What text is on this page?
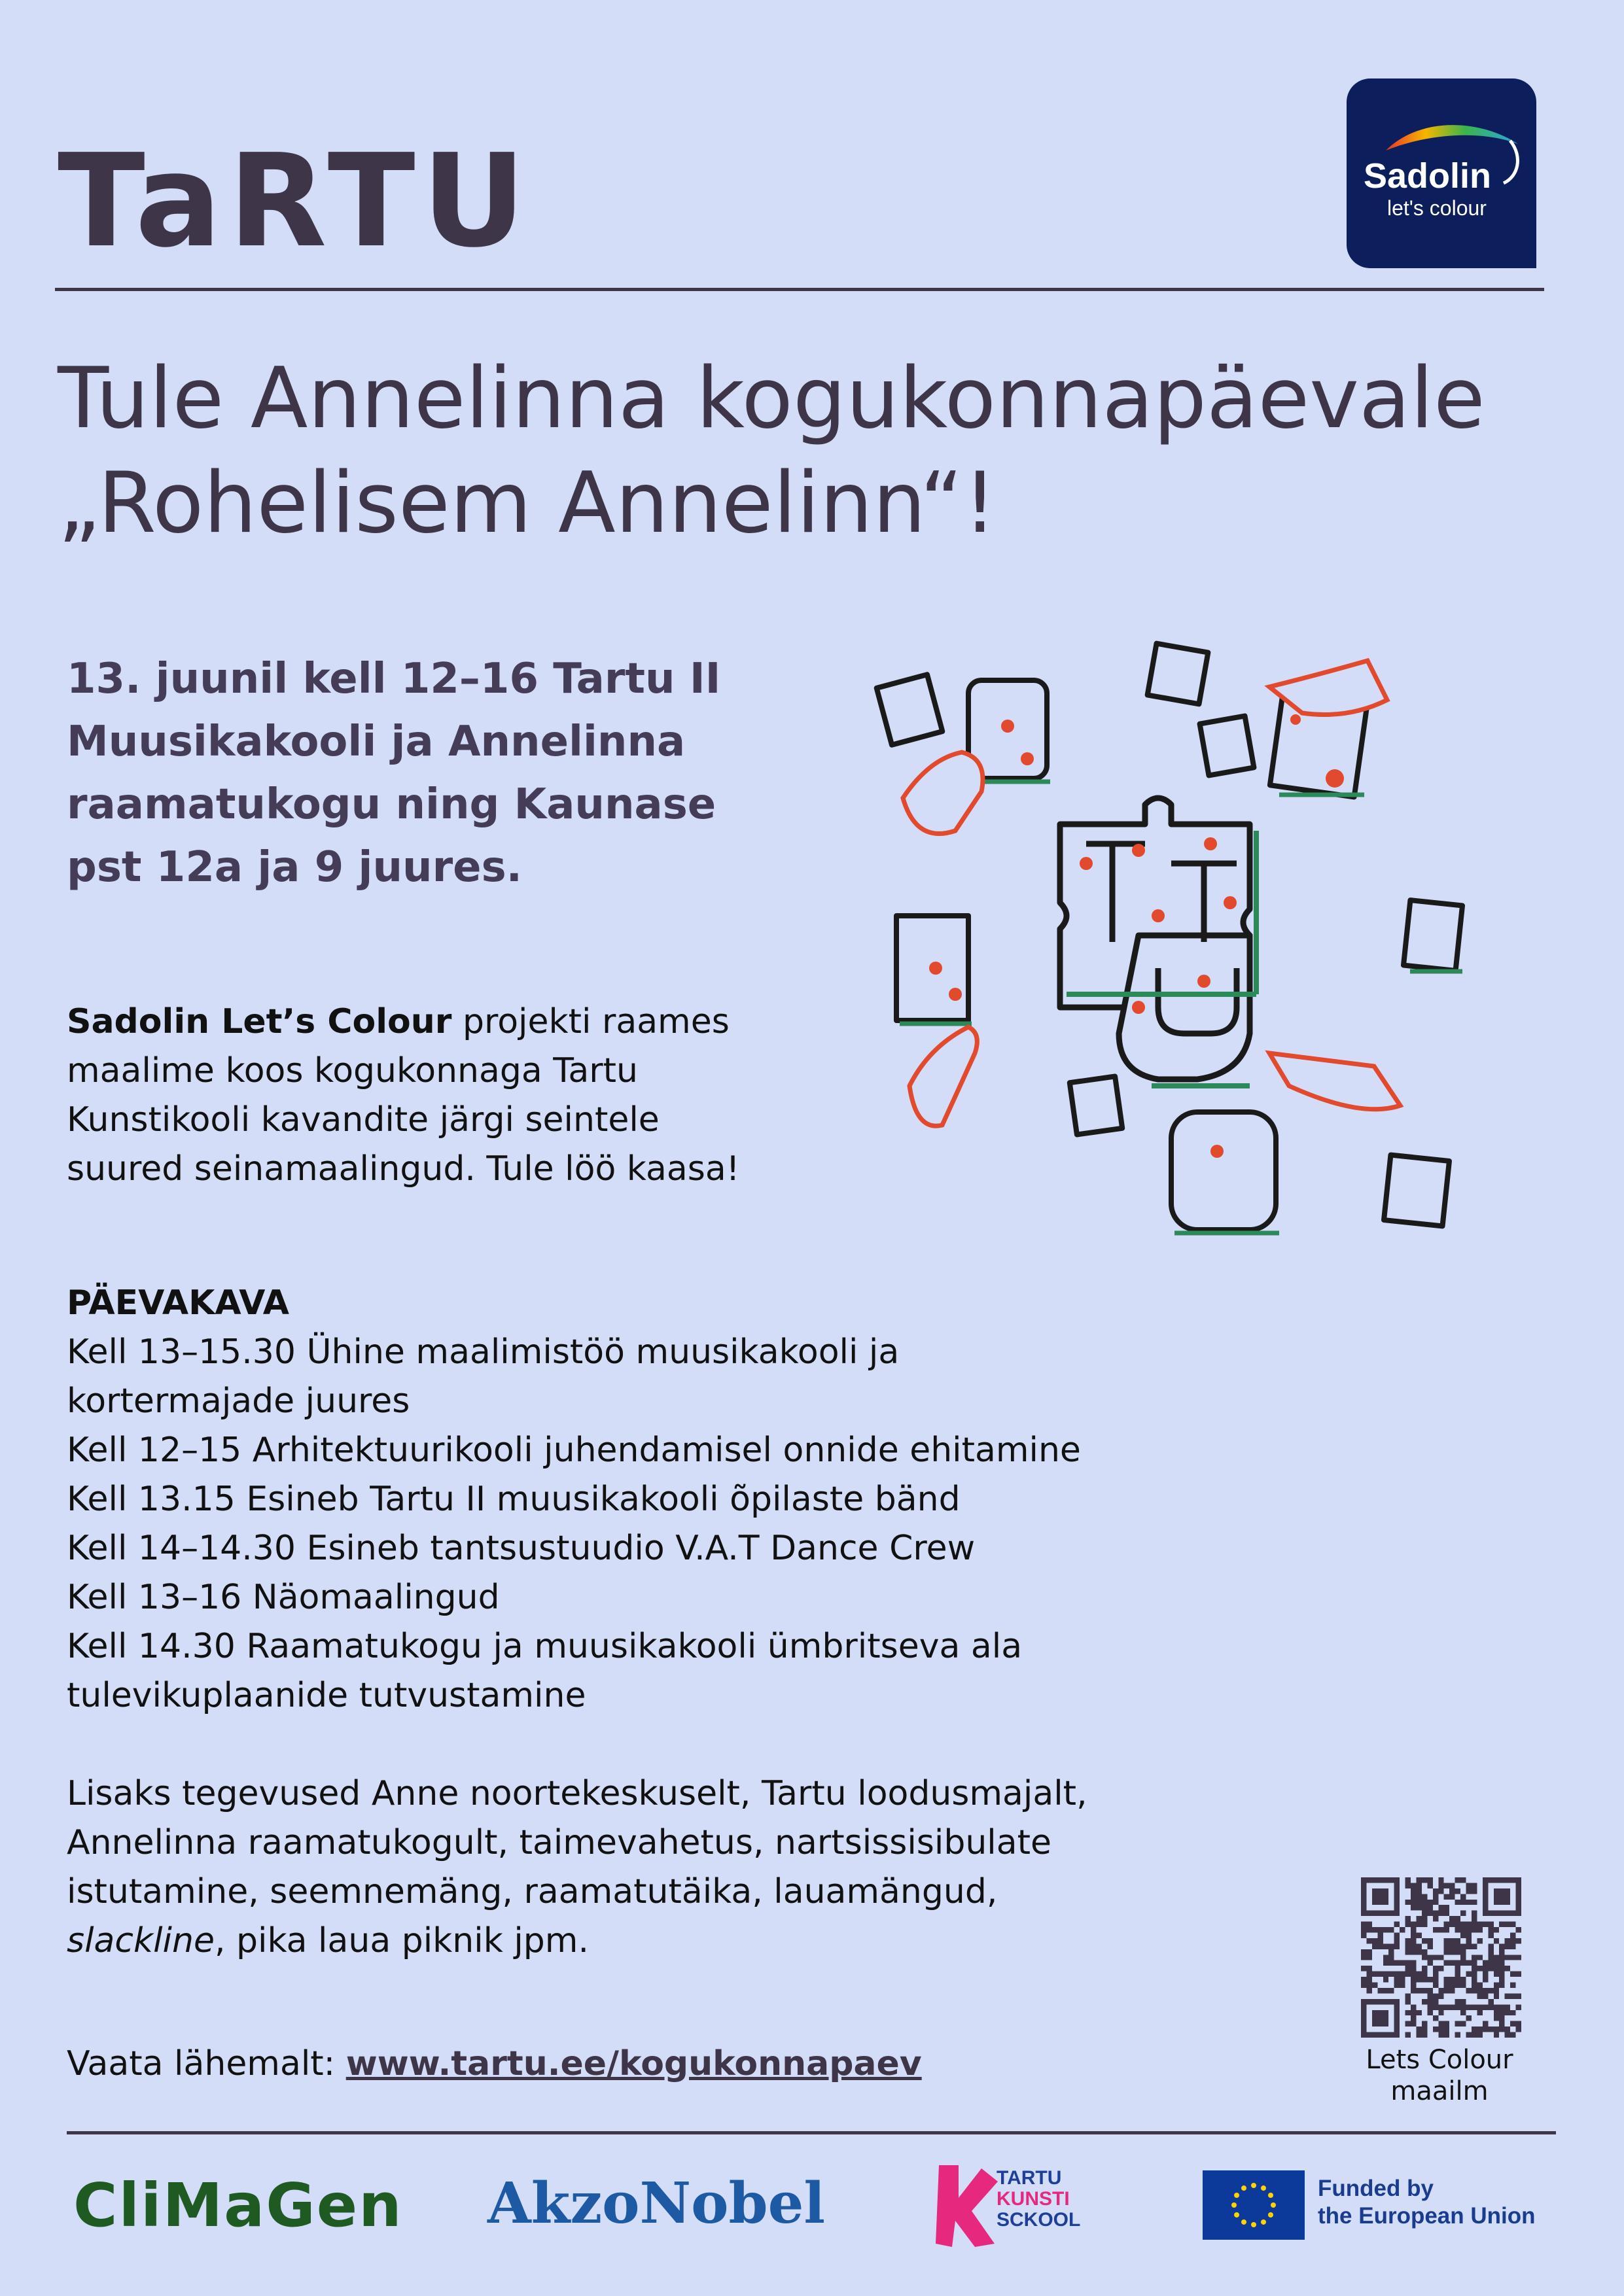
TaRTU	Sadolin
let's colour
Tule Annelinna kogukonnapäevale
„Rohelisem Annelinn“!
13. juunil kell 12–16 Tartu II
Muusikakooli ja Annelinna
raamatukogu ning Kaunase
pst 12a ja 9 juures.
Sadolin Let’s Colour projekti raames
maalime koos kogukonnaga Tartu
Kunstikooli kavandite järgi seintele
suured seinamaalingud. Tule löö kaasa!
PÄEVAKAVA
Kell 13–15.30 Ühine maalimistöö muusikakooli ja
kortermajade juures
Kell 12–15 Arhitektuurikooli juhendamisel onnide ehitamine
Kell 13.15 Esineb Tartu II muusikakooli õpilaste bänd
Kell 14–14.30 Esineb tantsustuudio V.A.T Dance Crew
Kell 13–16 Näomaalingud
Kell 14.30 Raamatukogu ja muusikakooli ümbritseva ala
tulevikuplaanide tutvustamine
Lisaks tegevused Anne noortekeskuselt, Tartu loodusmajalt,
Annelinna raamatukogult, taimevahetus, nartsissisibulate
istutamine, seemnemäng, raamatutäika, lauamängud,
slackline, pika laua piknik jpm.
Vaata lähemalt: www.tartu.ee/kogukonnapaev	Lets Colour
maailm
CliMaGen AkzoNobel	TARTU
KUNSTI
SCKOOL
Funded by
the European Union
